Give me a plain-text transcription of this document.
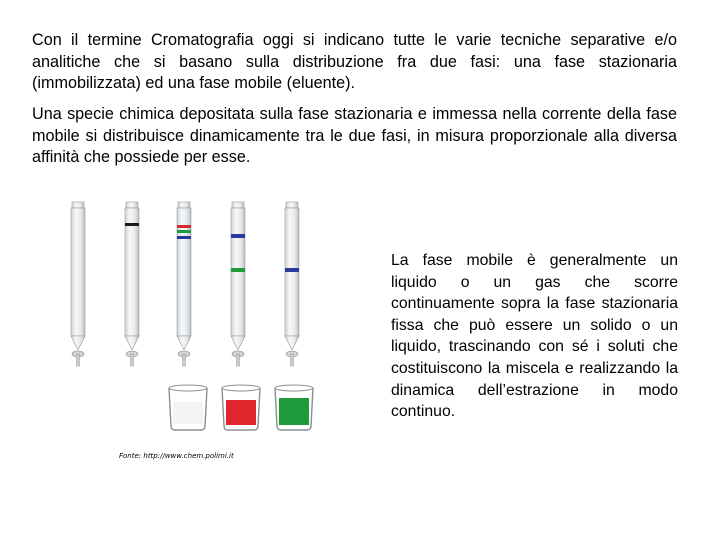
Con il termine Cromatografia oggi si indicano tutte le varie tecniche separative e/o analitiche che si basano sulla distribuzione fra due fasi: una fase stazionaria (immobilizzata) ed una fase mobile (eluente).
Una specie chimica depositata sulla fase stazionaria e immessa nella corrente della fase mobile si distribuisce dinamicamente tra le due fasi, in misura proporzionale alla diversa affinità che possiede per esse.
Fonte: http://www.chem.polimi.it
La fase mobile è generalmente un liquido o un gas che scorre continuamente sopra la fase stazionaria fissa che può essere un solido o un liquido, trascinando con sé i soluti che costituiscono la miscela e realizzando la dinamica dell’estrazione in modo continuo.
